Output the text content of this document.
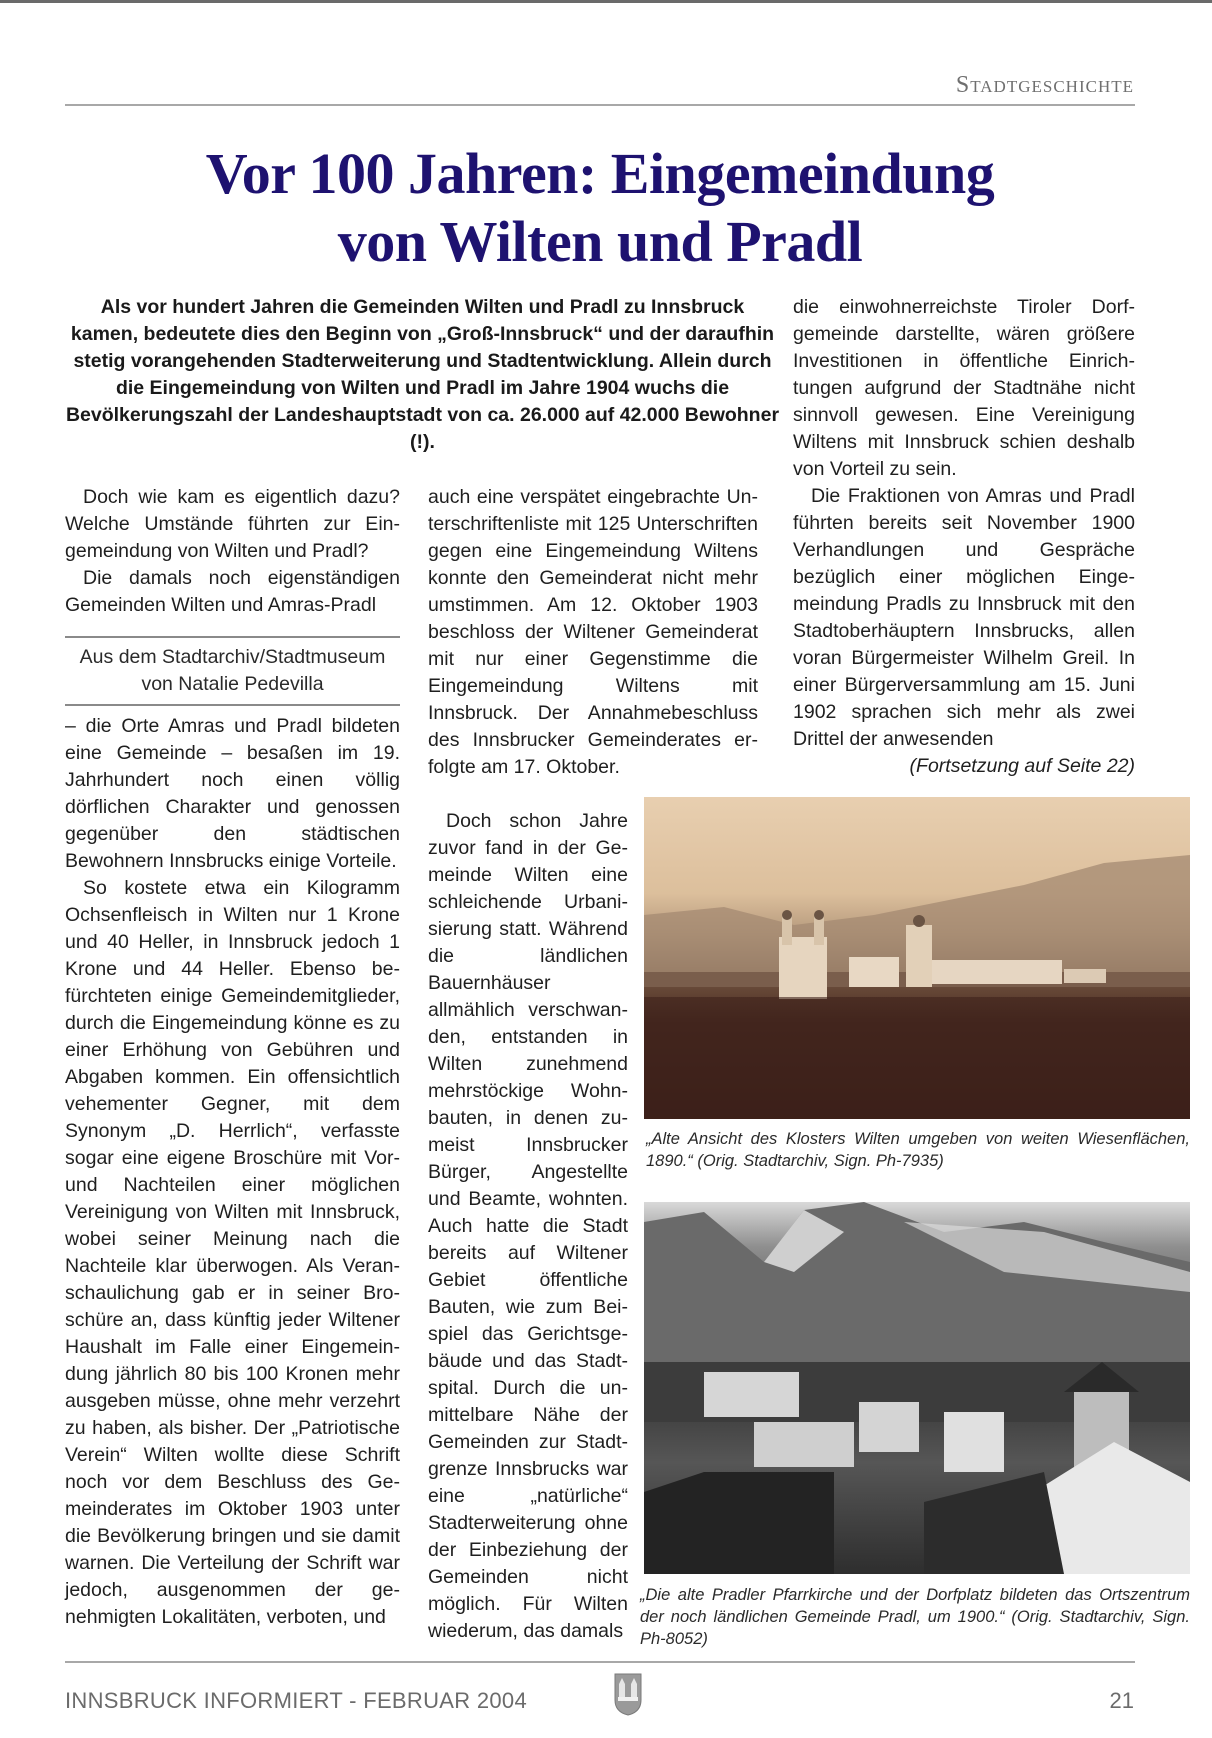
Stadtgeschichte
Vor 100 Jahren: Eingemeindung
von Wilten und Pradl
Als vor hundert Jahren die Gemeinden Wilten und Pradl zu Innsbruck kamen, bedeutete dies den Beginn von „Groß-Innsbruck“ und der daraufhin stetig vorangehenden Stadterweiterung und Stadtentwicklung. Allein durch die Eingemeindung von Wilten und Pradl im Jahre 1904 wuchs die Bevölkerungszahl der Landeshauptstadt von ca. 26.000 auf 42.000 Bewohner (!).

die einwohnerreichste Tiroler Dorfgemeinde darstellte, wären größere Investitionen in öffentliche Einrichtungen aufgrund der Stadtnähe nicht sinnvoll gewesen. Eine Vereinigung Wiltens mit Innsbruck schien deshalb von Vorteil zu sein.

Die Fraktionen von Amras und Pradl führten bereits seit November 1900 Verhandlungen und Gespräche bezüglich einer möglichen Eingemeindung Pradls zu Innsbruck mit den Stadtoberhäuptern Innsbrucks, allen voran Bürgermeister Wilhelm Greil. In einer Bürgerversammlung am 15. Juni 1902 sprachen sich mehr als zwei Drittel der anwesenden

(Fortsetzung auf Seite 22)

Doch wie kam es eigentlich dazu? Welche Umstände führten zur Eingemeindung von Wilten und Pradl?

Die damals noch eigenständigen Gemeinden Wilten und Amras-Pradl

Aus dem Stadtarchiv/Stadtmuseum
von Natalie Pedevilla

– die Orte Amras und Pradl bildeten eine Gemeinde – besaßen im 19. Jahrhundert noch einen völlig dörflichen Charakter und genossen gegenüber den städtischen Bewohnern Innsbrucks einige Vorteile.

So kostete etwa ein Kilogramm Ochsenfleisch in Wilten nur 1 Krone und 40 Heller, in Innsbruck jedoch 1 Krone und 44 Heller. Ebenso befürchteten einige Gemeindemitglieder, durch die Eingemeindung könne es zu einer Erhöhung von Gebühren und Abgaben kommen. Ein offensichtlich vehementer Gegner, mit dem Synonym „D. Herrlich“, verfasste sogar eine eigene Broschüre mit Vor- und Nachteilen einer möglichen Vereinigung von Wilten mit Innsbruck, wobei seiner Meinung nach die Nachteile klar überwogen. Als Veranschaulichung gab er in seiner Broschüre an, dass künftig jeder Wiltener Haushalt im Falle einer Eingemeindung jährlich 80 bis 100 Kronen mehr ausgeben müsse, ohne mehr verzehrt zu haben, als bisher. Der „Patriotische Verein“ Wilten wollte diese Schrift noch vor dem Beschluss des Gemeinderates im Oktober 1903 unter die Bevölkerung bringen und sie damit warnen. Die Verteilung der Schrift war jedoch, ausgenommen der genehmigten Lokalitäten, verboten, und

auch eine verspätet eingebrachte Unterschriftenliste mit 125 Unterschriften gegen eine Eingemeindung Wiltens konnte den Gemeinderat nicht mehr umstimmen. Am 12. Oktober 1903 beschloss der Wiltener Gemeinderat mit nur einer Gegenstimme die Eingemeindung Wiltens mit Innsbruck. Der Annahmebeschluss des Innsbrucker Gemeinderates erfolgte am 17. Oktober.

Doch schon Jahre zuvor fand in der Gemeinde Wilten eine schleichende Urbanisierung statt. Während die ländlichen Bauernhäuser allmählich verschwanden, entstanden in Wilten zunehmend mehrstöckige Wohnbauten, in denen zumeist Innsbrucker Bürger, Angestellte und Beamte, wohnten. Auch hatte die Stadt bereits auf Wiltener Gebiet öffentliche Bauten, wie zum Beispiel das Gerichtsgebäude und das Stadtspital. Durch die unmittelbare Nähe der Gemeinden zur Stadtgrenze Innsbrucks war eine „natürliche“ Stadterweiterung ohne der Einbeziehung der Gemeinden nicht möglich. Für Wilten wiederum, das damals

„Alte Ansicht des Klosters Wilten umgeben von weiten Wiesenflächen, 1890.“ (Orig. Stadtarchiv, Sign. Ph-7935)
„Die alte Pradler Pfarrkirche und der Dorfplatz bildeten das Ortszentrum der noch ländlichen Gemeinde Pradl, um 1900.“ (Orig. Stadtarchiv, Sign. Ph-8052)
INNSBRUCK INFORMIERT - FEBRUAR 2004	21
